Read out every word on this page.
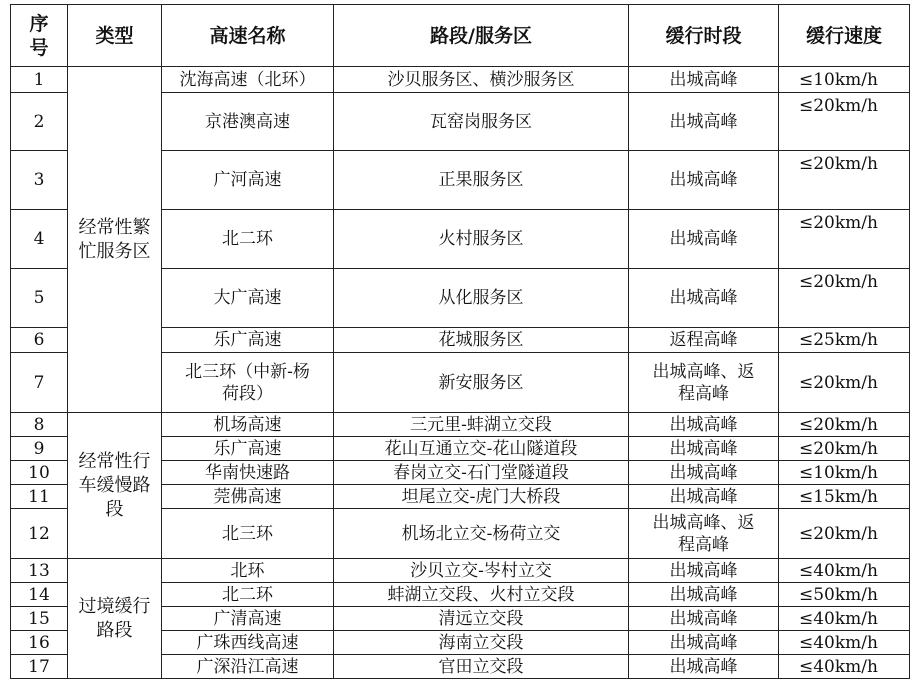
序号	类型	高速名称	路段/服务区	缓行时段	缓行速度
1	经常性繁忙服务区	沈海高速（北环）	沙贝服务区、横沙服务区	出城高峰	≤10km/h
2		京港澳高速	瓦窑岗服务区	出城高峰	≤20km/h
3		广河高速	正果服务区	出城高峰	≤20km/h
4		北二环	火村服务区	出城高峰	≤20km/h
5		大广高速	从化服务区	出城高峰	≤20km/h
6		乐广高速	花城服务区	返程高峰	≤25km/h
7		北三环（中新-杨荷段）	新安服务区	出城高峰、返程高峰	≤20km/h
8	经常性行车缓慢路段	机场高速	三元里-蚌湖立交段	出城高峰	≤20km/h
9		乐广高速	花山互通立交-花山隧道段	出城高峰	≤20km/h
10		华南快速路	春岗立交-石门堂隧道段	出城高峰	≤10km/h
11		莞佛高速	坦尾立交-虎门大桥段	出城高峰	≤15km/h
12		北三环	机场北立交-杨荷立交	出城高峰、返程高峰	≤20km/h
13	过境缓行路段	北环	沙贝立交-岑村立交	出城高峰	≤40km/h
14		北二环	蚌湖立交段、火村立交段	出城高峰	≤50km/h
15		广清高速	清远立交段	出城高峰	≤40km/h
16		广珠西线高速	海南立交段	出城高峰	≤40km/h
17		广深沿江高速	官田立交段	出城高峰	≤40km/h
